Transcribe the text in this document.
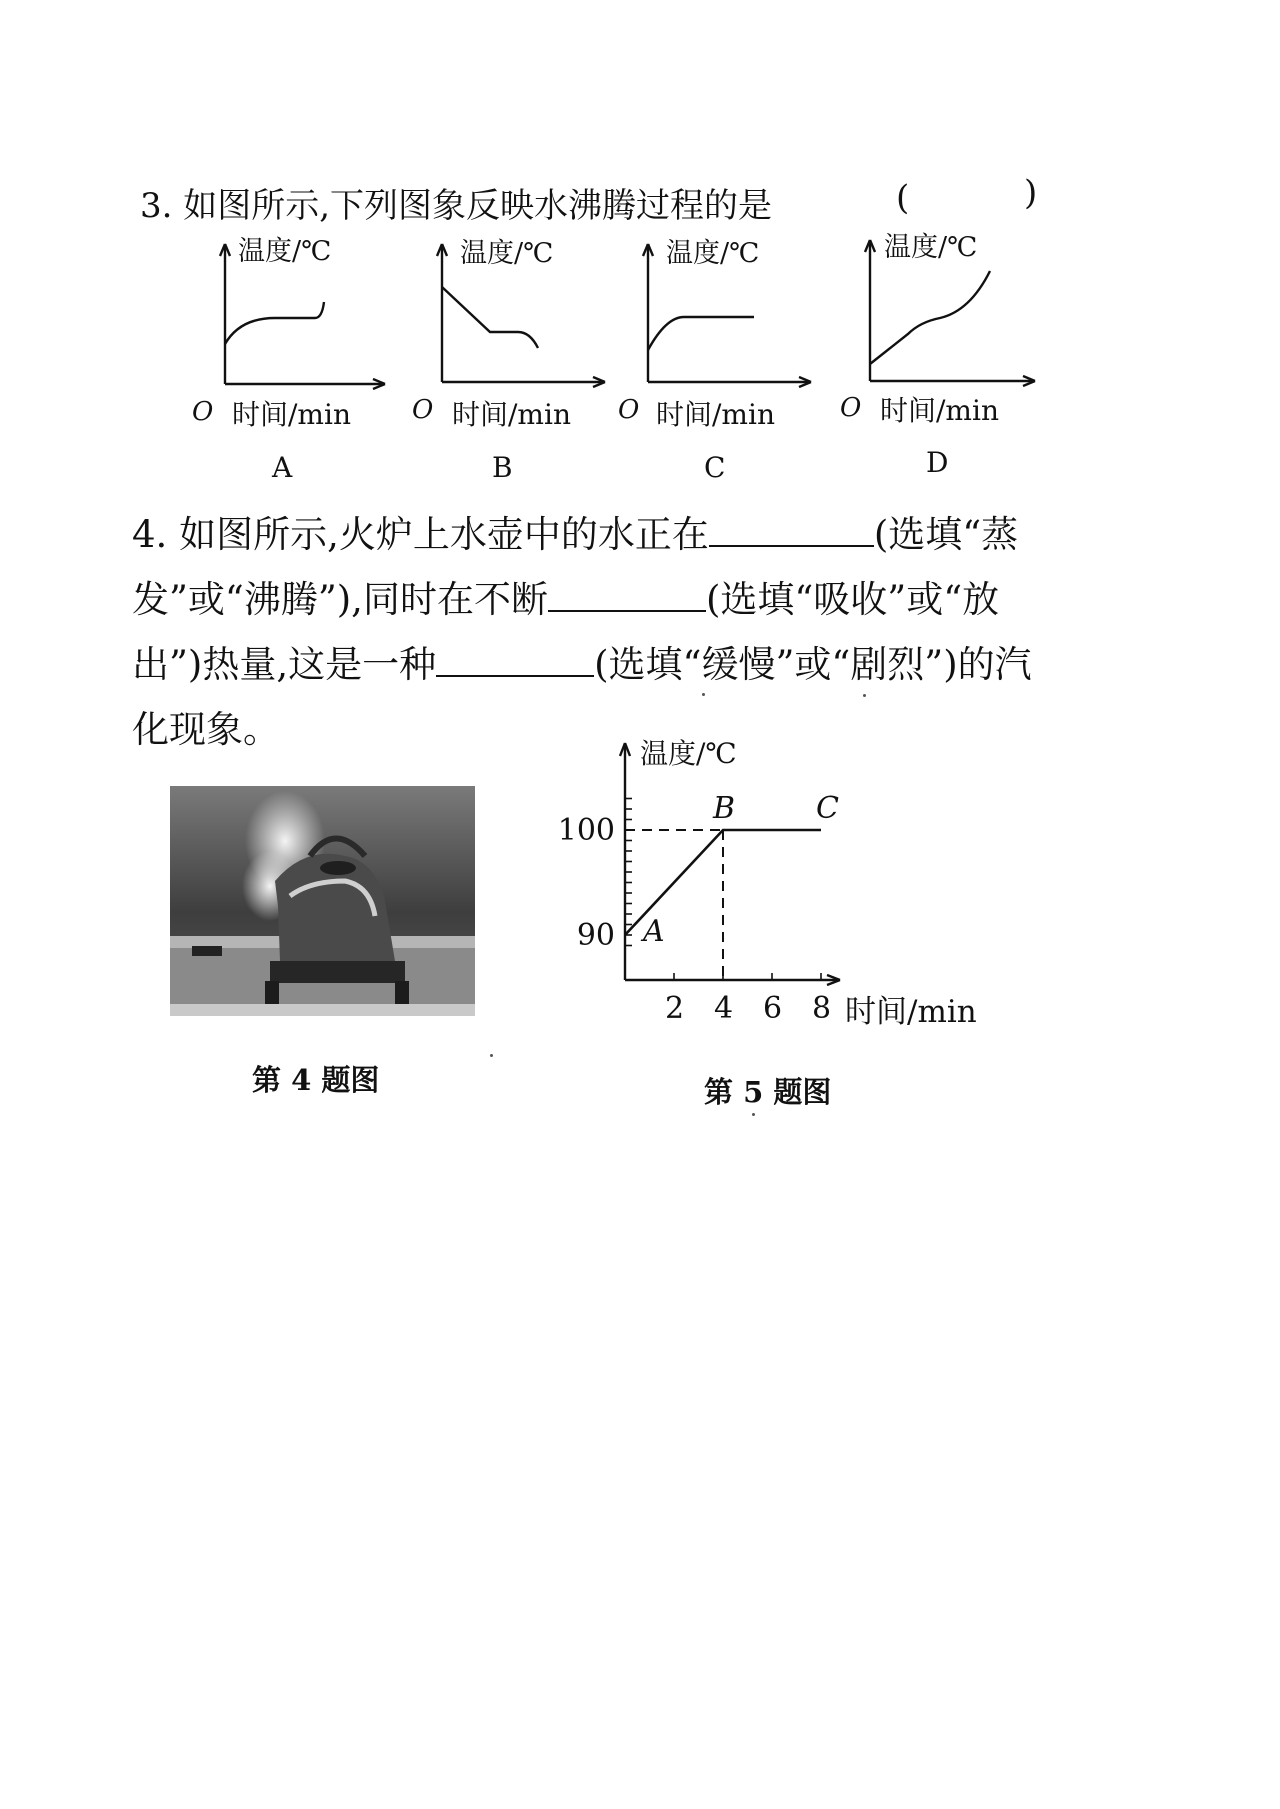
3. 如图所示,下列图象反映水沸腾过程的是	(	)
温度/℃
O 时间/min
A
温度/℃
O 时间/min
B
温度/℃
O 时间/min
C
温度/℃
O 时间/min
D
4. 如图所示,火炉上水壶中的水正在	(选填“蒸发”或“沸腾”),同时在不断	(选填“吸收”或“放出”)热量,这是一种	(选填“缓慢”或“剧烈”)的汽化现象。
第 4 题图
2 4 6 8
90
100
A
B	C
温度/℃
时间/min
第 5 题图
